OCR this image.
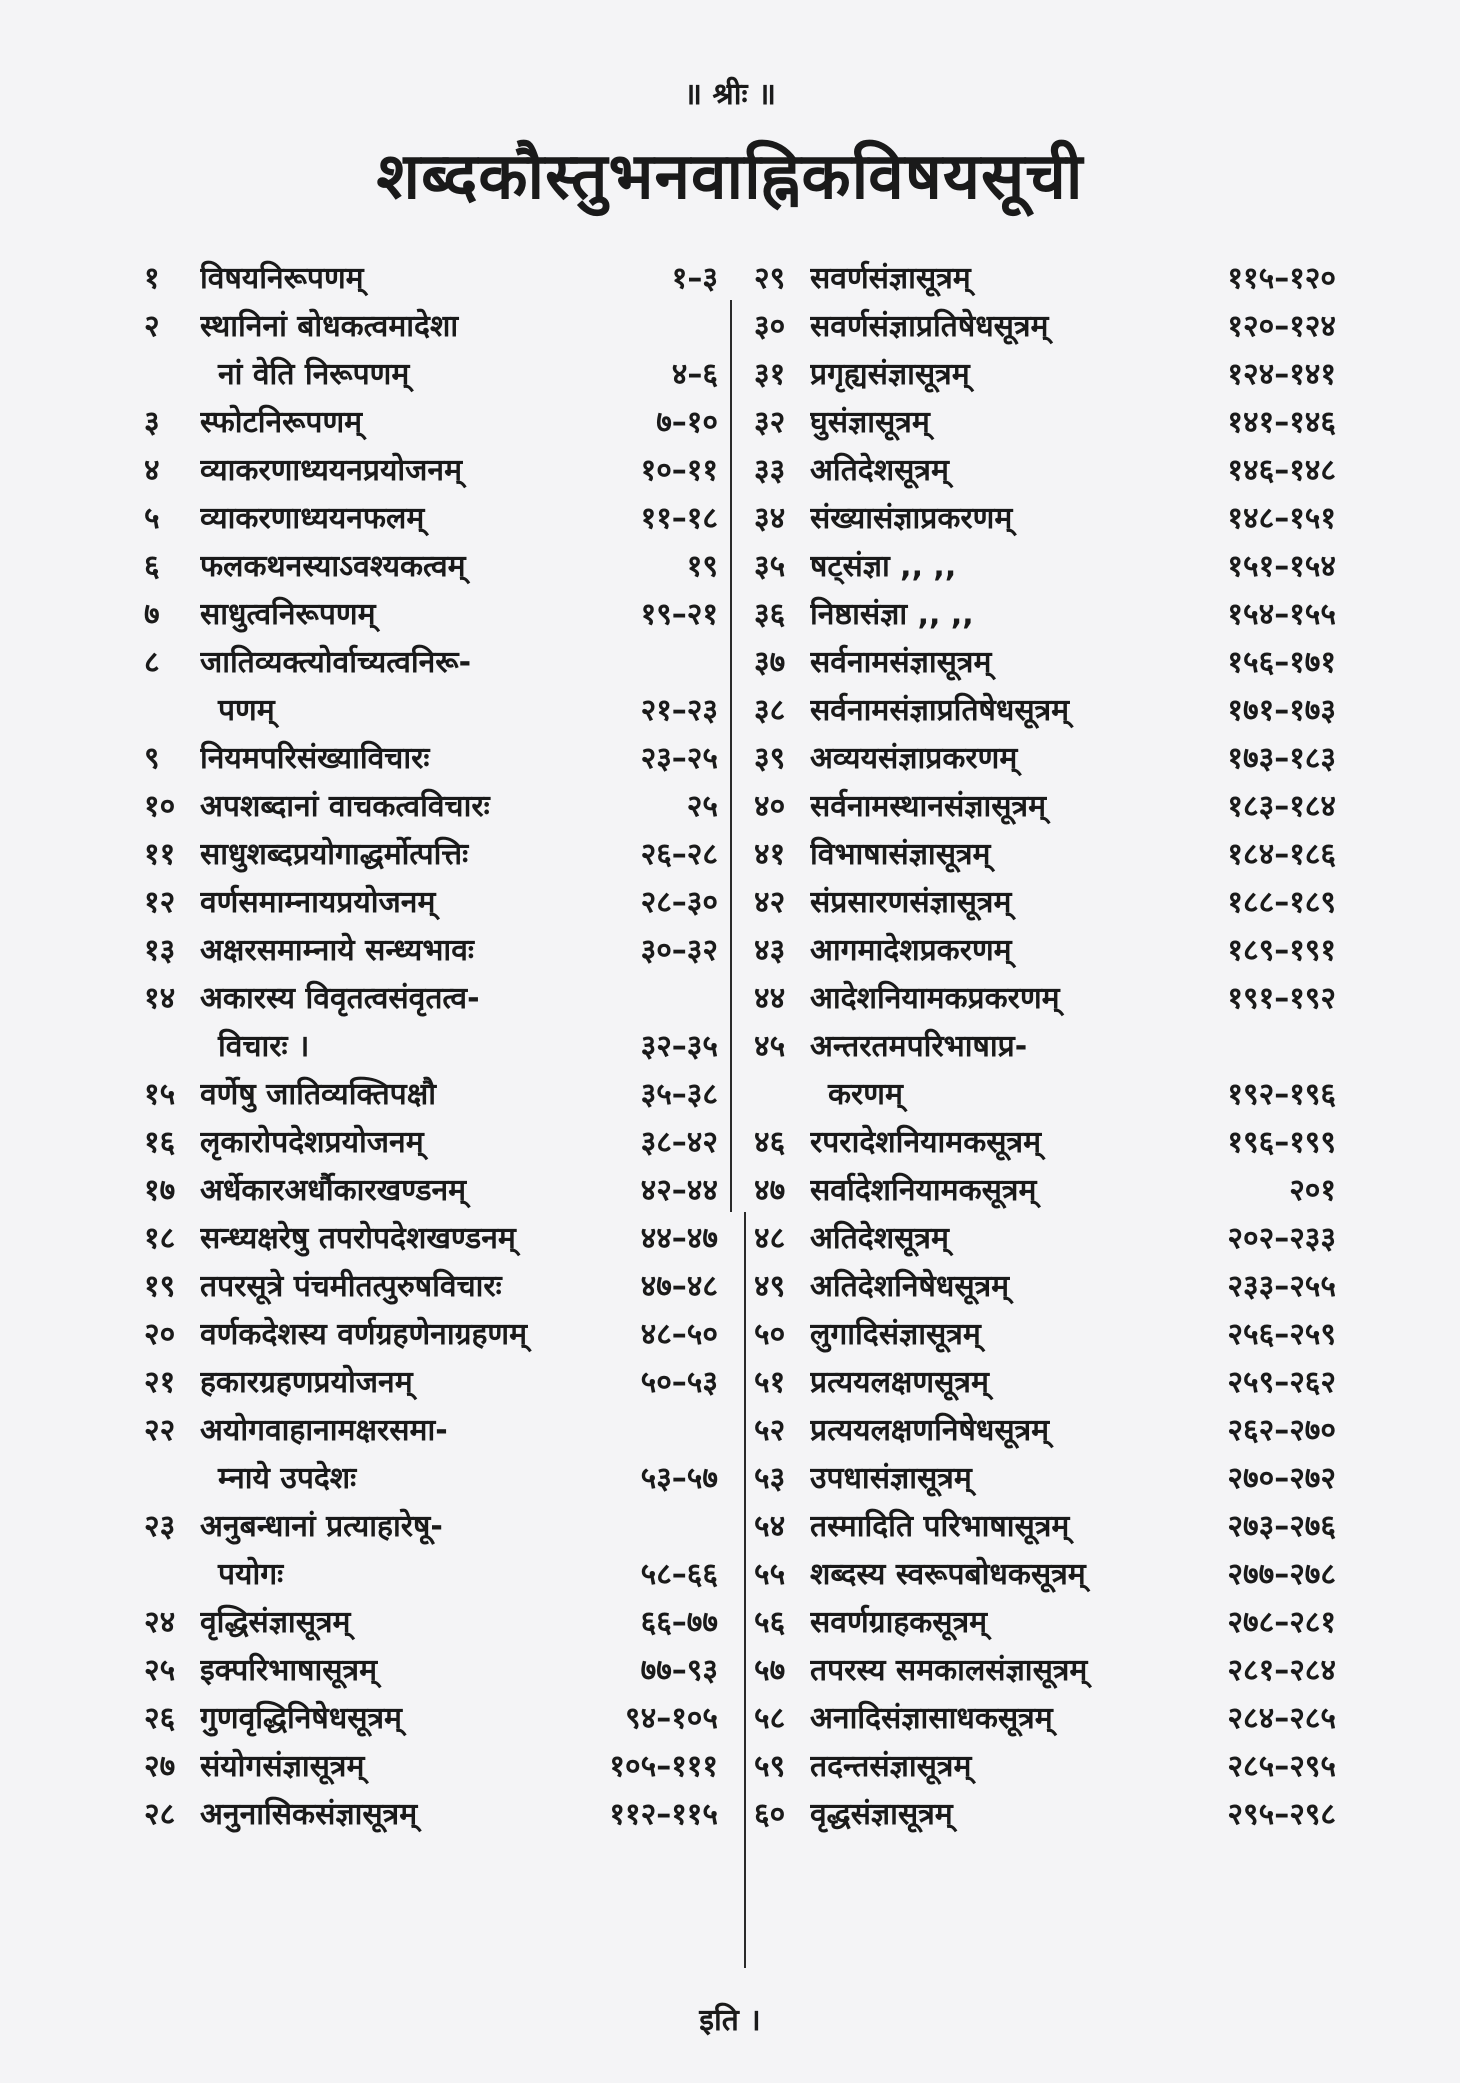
॥ श्रीः ॥
शब्दकौस्तुभनवाह्निकविषयसूची
१	विषयनिरूपणम्	१–३
२	स्थानिनां बोधकत्वमादेशा
नां वेति निरूपणम्	४–६
३	स्फोटनिरूपणम्	७–१०
४	व्याकरणाध्ययनप्रयोजनम्	१०–११
५	व्याकरणाध्ययनफलम्	११–१८
६	फलकथनस्याऽवश्यकत्वम्	१९
७	साधुत्वनिरूपणम्	१९–२१
८	जातिव्यक्त्योर्वाच्यत्वनिरू-
पणम्	२१–२३
९	नियमपरिसंख्याविचारः	२३–२५
१० अपशब्दानां वाचकत्वविचारः	२५
११ साधुशब्दप्रयोगाद्धर्मोत्पत्तिः	२६–२८
१२ वर्णसमाम्नायप्रयोजनम्	२८–३०
१३ अक्षरसमाम्नाये सन्ध्यभावः	३०–३२
१४ अकारस्य विवृतत्वसंवृतत्व-
विचारः ।	३२–३५
१५ वर्णेषु जातिव्यक्तिपक्षौ	३५–३८
१६ लृकारोपदेशप्रयोजनम्	३८–४२
१७ अर्धेकारअर्धौकारखण्डनम्	४२–४४
१८ सन्ध्यक्षरेषु तपरोपदेशखण्डनम्	४४–४७
१९ तपरसूत्रे पंचमीतत्पुरुषविचारः	४७–४८
२० वर्णकदेशस्य वर्णग्रहणेनाग्रहणम्	४८–५०
२१ हकारग्रहणप्रयोजनम्	५०–५३
२२ अयोगवाहानामक्षरसमा-
म्नाये उपदेशः	५३–५७
२३ अनुबन्धानां प्रत्याहारेषू-
पयोगः	५८–६६
२४ वृद्धिसंज्ञासूत्रम्	६६–७७
२५ इक्परिभाषासूत्रम्	७७–९३
२६ गुणवृद्धिनिषेधसूत्रम्	९४–१०५
२७ संयोगसंज्ञासूत्रम्	१०५–१११
२८ अनुनासिकसंज्ञासूत्रम्	११२–११५
२९ सवर्णसंज्ञासूत्रम्	११५–१२०
३० सवर्णसंज्ञाप्रतिषेधसूत्रम्	१२०–१२४
३१ प्रगृह्यसंज्ञासूत्रम्	१२४–१४१
३२ घुसंज्ञासूत्रम्	१४१–१४६
३३ अतिदेशसूत्रम्	१४६–१४८
३४ संख्यासंज्ञाप्रकरणम्	१४८–१५१
३५ षट्संज्ञा ,, ,,	१५१–१५४
३६ निष्ठासंज्ञा ,, ,,	१५४–१५५
३७ सर्वनामसंज्ञासूत्रम्	१५६–१७१
३८ सर्वनामसंज्ञाप्रतिषेधसूत्रम्	१७१–१७३
३९ अव्ययसंज्ञाप्रकरणम्	१७३–१८३
४० सर्वनामस्थानसंज्ञासूत्रम्	१८३–१८४
४१ विभाषासंज्ञासूत्रम्	१८४–१८६
४२ संप्रसारणसंज्ञासूत्रम्	१८८–१८९
४३ आगमादेशप्रकरणम्	१८९–१९१
४४ आदेशनियामकप्रकरणम्	१९१–१९२
४५ अन्तरतमपरिभाषाप्र-
करणम्	१९२–१९६
४६ रपरादेशनियामकसूत्रम्	१९६–१९९
४७ सर्वादेशनियामकसूत्रम्	२०१
४८ अतिदेशसूत्रम्	२०२–२३३
४९ अतिदेशनिषेधसूत्रम्	२३३–२५५
५० लुगादिसंज्ञासूत्रम्	२५६–२५९
५१ प्रत्ययलक्षणसूत्रम्	२५९–२६२
५२ प्रत्ययलक्षणनिषेधसूत्रम्	२६२–२७०
५३ उपधासंज्ञासूत्रम्	२७०–२७२
५४ तस्मादिति परिभाषासूत्रम्	२७३–२७६
५५ शब्दस्य स्वरूपबोधकसूत्रम्	२७७–२७८
५६ सवर्णग्राहकसूत्रम्	२७८–२८१
५७ तपरस्य समकालसंज्ञासूत्रम्	२८१–२८४
५८ अनादिसंज्ञासाधकसूत्रम्	२८४–२८५
५९ तदन्तसंज्ञासूत्रम्	२८५–२९५
६० वृद्धसंज्ञासूत्रम्	२९५–२९८
इति ।
